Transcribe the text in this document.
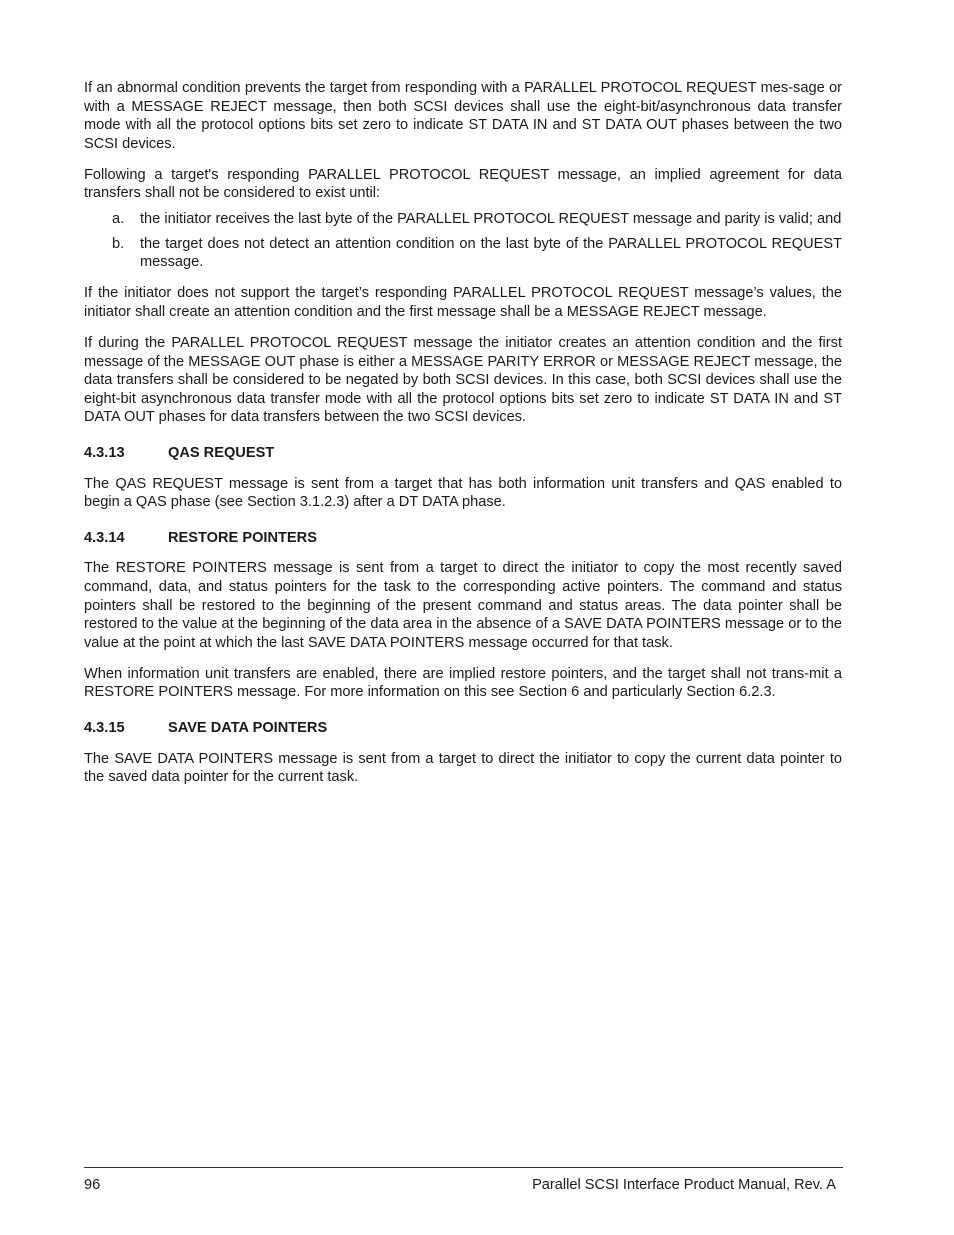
If an abnormal condition prevents the target from responding with a PARALLEL PROTOCOL REQUEST mes-sage or with a MESSAGE REJECT message, then both SCSI devices shall use the eight-bit/asynchronous data transfer mode with all the protocol options bits set zero to indicate ST DATA IN and ST DATA OUT phases between the two SCSI devices.

Following a target's responding PARALLEL PROTOCOL REQUEST message, an implied agreement for data transfers shall not be considered to exist until:

a. the initiator receives the last byte of the PARALLEL PROTOCOL REQUEST message and parity is valid; and
b. the target does not detect an attention condition on the last byte of the PARALLEL PROTOCOL REQUEST message.

If the initiator does not support the target’s responding PARALLEL PROTOCOL REQUEST message’s values, the initiator shall create an attention condition and the first message shall be a MESSAGE REJECT message.

If during the PARALLEL PROTOCOL REQUEST message the initiator creates an attention condition and the first message of the MESSAGE OUT phase is either a MESSAGE PARITY ERROR or MESSAGE REJECT message, the data transfers shall be considered to be negated by both SCSI devices. In this case, both SCSI devices shall use the eight-bit asynchronous data transfer mode with all the protocol options bits set zero to indicate ST DATA IN and ST DATA OUT phases for data transfers between the two SCSI devices.

4.3.13	QAS REQUEST

The QAS REQUEST message is sent from a target that has both information unit transfers and QAS enabled to begin a QAS phase (see Section 3.1.2.3) after a DT DATA phase.

4.3.14	RESTORE POINTERS

The RESTORE POINTERS message is sent from a target to direct the initiator to copy the most recently saved command, data, and status pointers for the task to the corresponding active pointers. The command and status pointers shall be restored to the beginning of the present command and status areas. The data pointer shall be restored to the value at the beginning of the data area in the absence of a SAVE DATA POINTERS message or to the value at the point at which the last SAVE DATA POINTERS message occurred for that task.

When information unit transfers are enabled, there are implied restore pointers, and the target shall not trans-mit a RESTORE POINTERS message. For more information on this see Section 6 and particularly Section 6.2.3.

4.3.15	SAVE DATA POINTERS

The SAVE DATA POINTERS message is sent from a target to direct the initiator to copy the current data pointer to the saved data pointer for the current task.

96	Parallel SCSI Interface Product Manual, Rev. A
